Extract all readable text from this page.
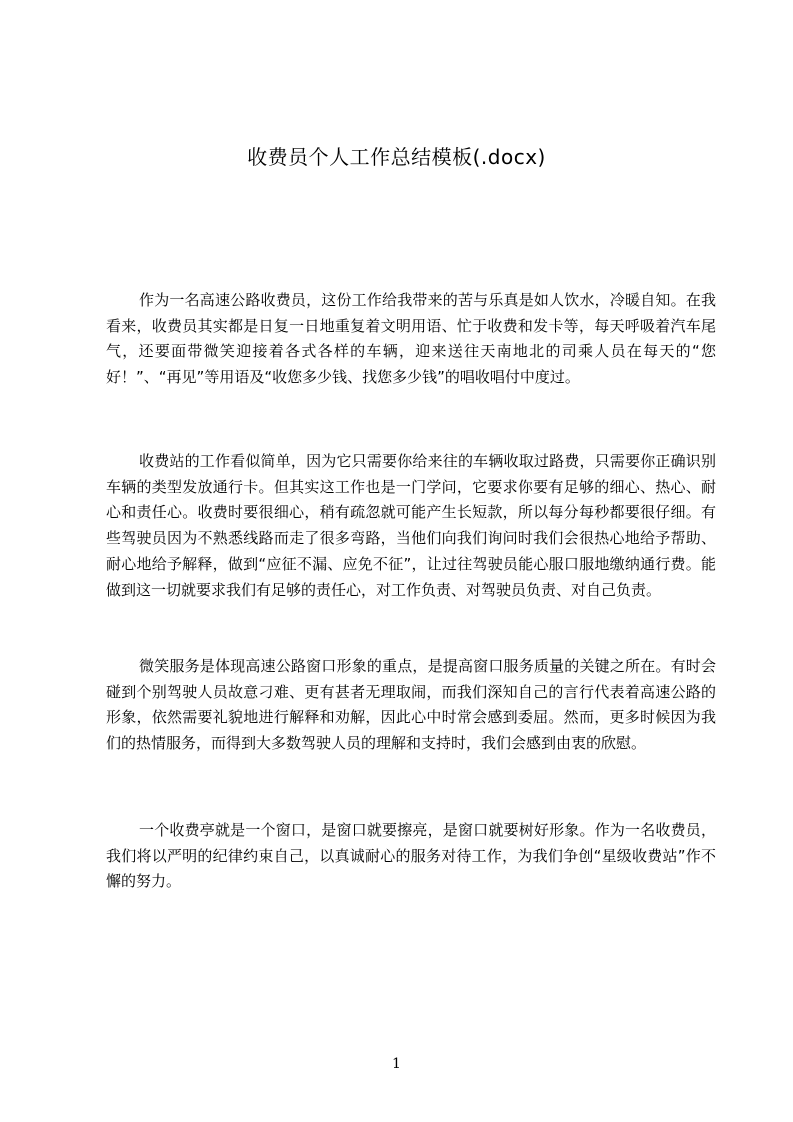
收费员个人工作总结模板(.docx)

作为一名高速公路收费员，这份工作给我带来的苦与乐真是如人饮水，冷暖自知。在我看来，收费员其实都是日复一日地重复着文明用语、忙于收费和发卡等，每天呼吸着汽车尾气，还要面带微笑迎接着各式各样的车辆，迎来送往天南地北的司乘人员在每天的“您好！”、“再见”等用语及“收您多少钱、找您多少钱”的唱收唱付中度过。

收费站的工作看似简单，因为它只需要你给来往的车辆收取过路费，只需要你正确识别车辆的类型发放通行卡。但其实这工作也是一门学问，它要求你要有足够的细心、热心、耐心和责任心。收费时要很细心，稍有疏忽就可能产生长短款，所以每分每秒都要很仔细。有些驾驶员因为不熟悉线路而走了很多弯路，当他们向我们询问时我们会很热心地给予帮助、耐心地给予解释，做到“应征不漏、应免不征”，让过往驾驶员能心服口服地缴纳通行费。能做到这一切就要求我们有足够的责任心，对工作负责、对驾驶员负责、对自己负责。

微笑服务是体现高速公路窗口形象的重点，是提高窗口服务质量的关键之所在。有时会碰到个别驾驶人员故意刁难、更有甚者无理取闹，而我们深知自己的言行代表着高速公路的形象，依然需要礼貌地进行解释和劝解，因此心中时常会感到委屈。然而，更多时候因为我们的热情服务，而得到大多数驾驶人员的理解和支持时，我们会感到由衷的欣慰。

一个收费亭就是一个窗口，是窗口就要擦亮，是窗口就要树好形象。作为一名收费员，我们将以严明的纪律约束自己，以真诚耐心的服务对待工作，为我们争创“星级收费站”作不懈的努力。

1
